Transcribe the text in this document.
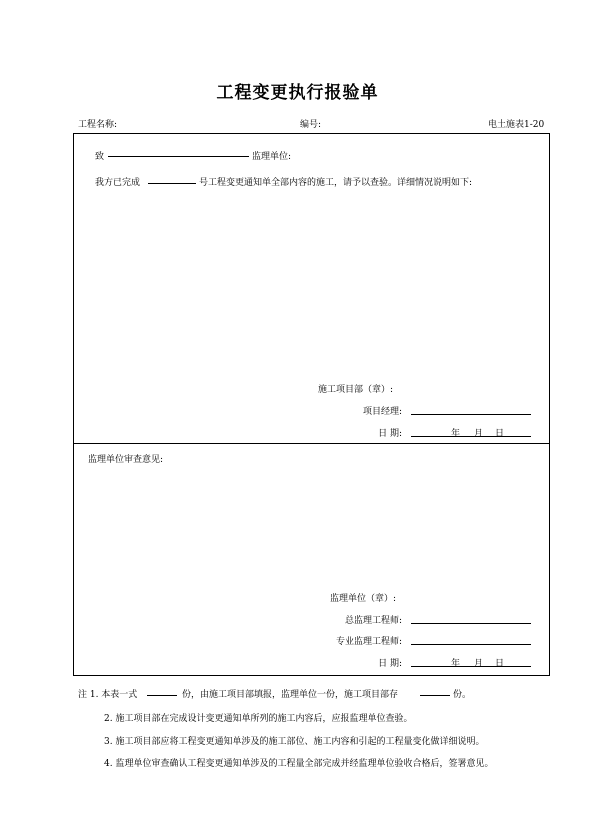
工程变更执行报验单
工程名称:	编号:	电土施表1-20
致	监理单位:
我方已完成	号工程变更通知单全部内容的施工，请予以查验。详细情况说明如下:
施工项目部（章）:
项目经理:
日 期:	年 月 日
监理单位审查意见:
监理单位（章）:
总监理工程师:
专业监理工程师:
日 期:	年 月 日
注 1. 本表一式	份，由施工项目部填报，监理单位一份，施工项目部存	份。
2. 施工项目部在完成设计变更通知单所列的施工内容后，应报监理单位查验。
3. 施工项目部应将工程变更通知单涉及的施工部位、施工内容和引起的工程量变化做详细说明。
4. 监理单位审查确认工程变更通知单涉及的工程量全部完成并经监理单位验收合格后，签署意见。
